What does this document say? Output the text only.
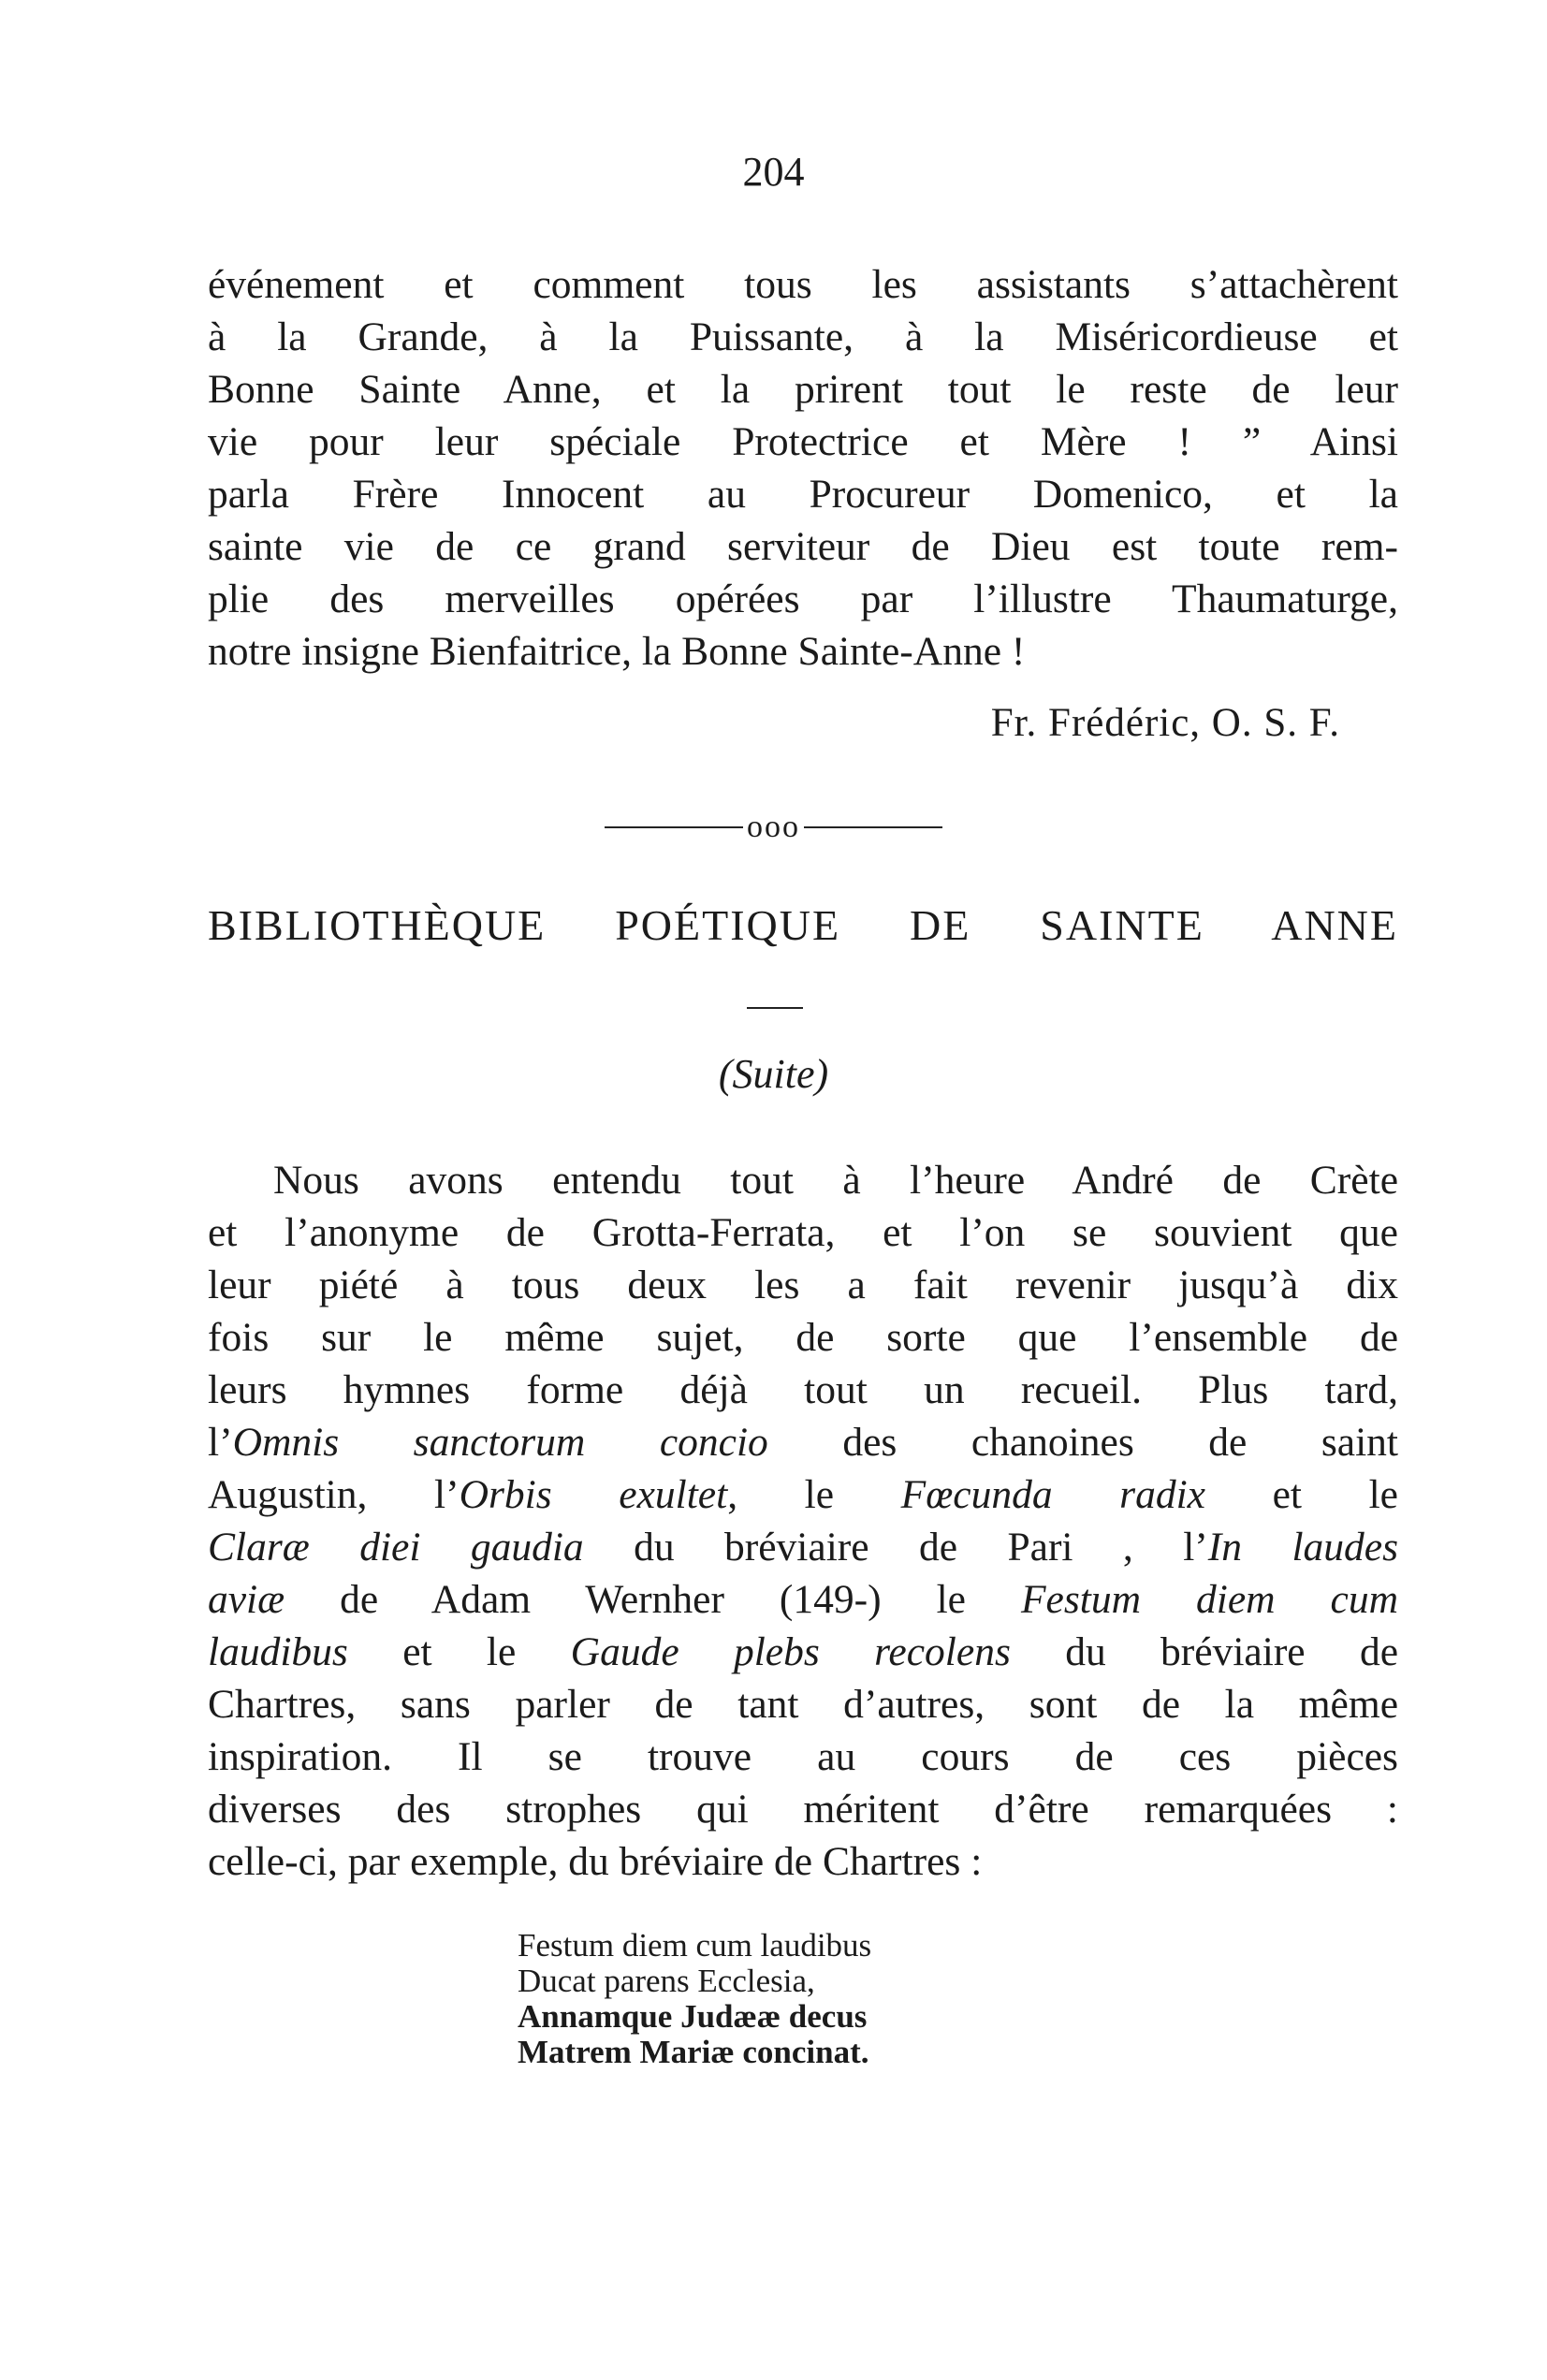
204
événement et comment tous les assistants s’attachèrent
à la Grande, à la Puissante, à la Miséricordieuse et
Bonne Sainte Anne, et la prirent tout le reste de leur
vie pour leur spéciale Protectrice et Mère ! ” Ainsi
parla Frère Innocent au Procureur Domenico, et la
sainte vie de ce grand serviteur de Dieu est toute rem-
plie des merveilles opérées par l’illustre Thaumaturge,
notre insigne Bienfaitrice, la Bonne Sainte-Anne !
Fr. Frédéric, O. S. F.
ooo
BIBLIOTHÈQUE POÉTIQUE DE SAINTE ANNE
(Suite)
Nous avons entendu tout à l’heure André de Crète
et l’anonyme de Grotta-Ferrata, et l’on se souvient que
leur piété à tous deux les a fait revenir jusqu’à dix
fois sur le même sujet, de sorte que l’ensemble de
leurs hymnes forme déjà tout un recueil. Plus tard,
l’Omnis sanctorum concio des chanoines de saint
Augustin, l’Orbis exultet, le Fœcunda radix et le
Claræ diei gaudia du bréviaire de Pari , l’In laudes
aviæ de Adam Wernher (149-) le Festum diem cum
laudibus et le Gaude plebs recolens du bréviaire de
Chartres, sans parler de tant d’autres, sont de la même
inspiration. Il se trouve au cours de ces pièces
diverses des strophes qui méritent d’être remarquées :
celle-ci, par exemple, du bréviaire de Chartres :
Festum diem cum laudibus
Ducat parens Ecclesia,
Annamque Judææ decus
Matrem Mariæ concinat.
